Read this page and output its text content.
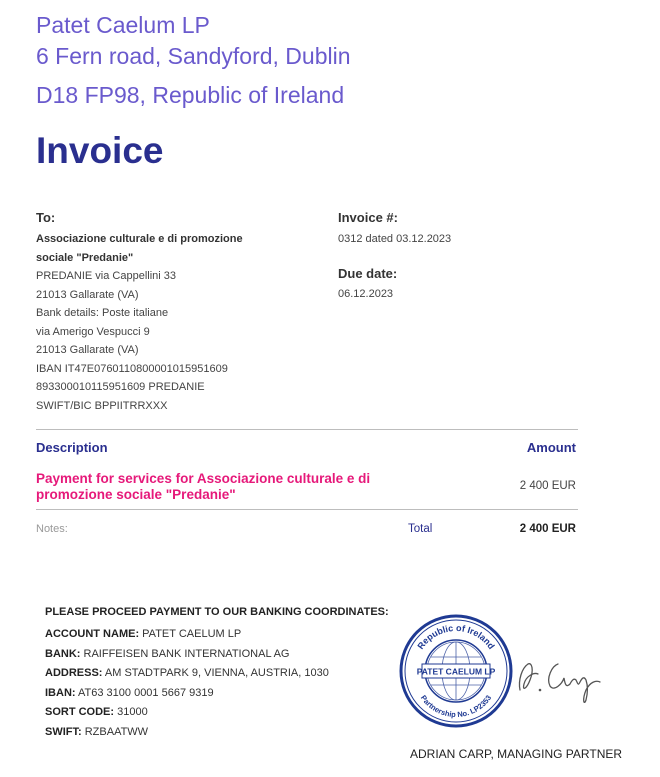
Patet Caelum LP
6 Fern road, Sandyford, Dublin
D18 FP98, Republic of Ireland
Invoice
To:
Associazione culturale e di promozione
sociale "Predanie"
PREDANIE via Cappellini 33
21013 Gallarate (VA)
Bank details: Poste italiane
via Amerigo Vespucci 9
21013 Gallarate (VA)
IBAN IT47E0760110800001015951609
893300010115951609 PREDANIE
SWIFT/BIC BPPIITRRXXX
Invoice #:
0312 dated 03.12.2023
Due date:
06.12.2023
Description	Amount
Payment for services for Associazione culturale e di
promozione sociale "Predanie"
2 400 EUR
Notes:	Total	2 400 EUR
PLEASE PROCEED PAYMENT TO OUR BANKING COORDINATES:
ACCOUNT NAME: PATET CAELUM LP
BANK: RAIFFEISEN BANK INTERNATIONAL AG
ADDRESS: AM STADTPARK 9, VIENNA, AUSTRIA, 1030
IBAN: AT63 3100 0001 5667 9319
SORT CODE: 31000
SWIFT: RZBAATWW
Republic of Ireland
Partnership No. LP2353
PATET CAELUM LP
ADRIAN CARP, MANAGING PARTNER
